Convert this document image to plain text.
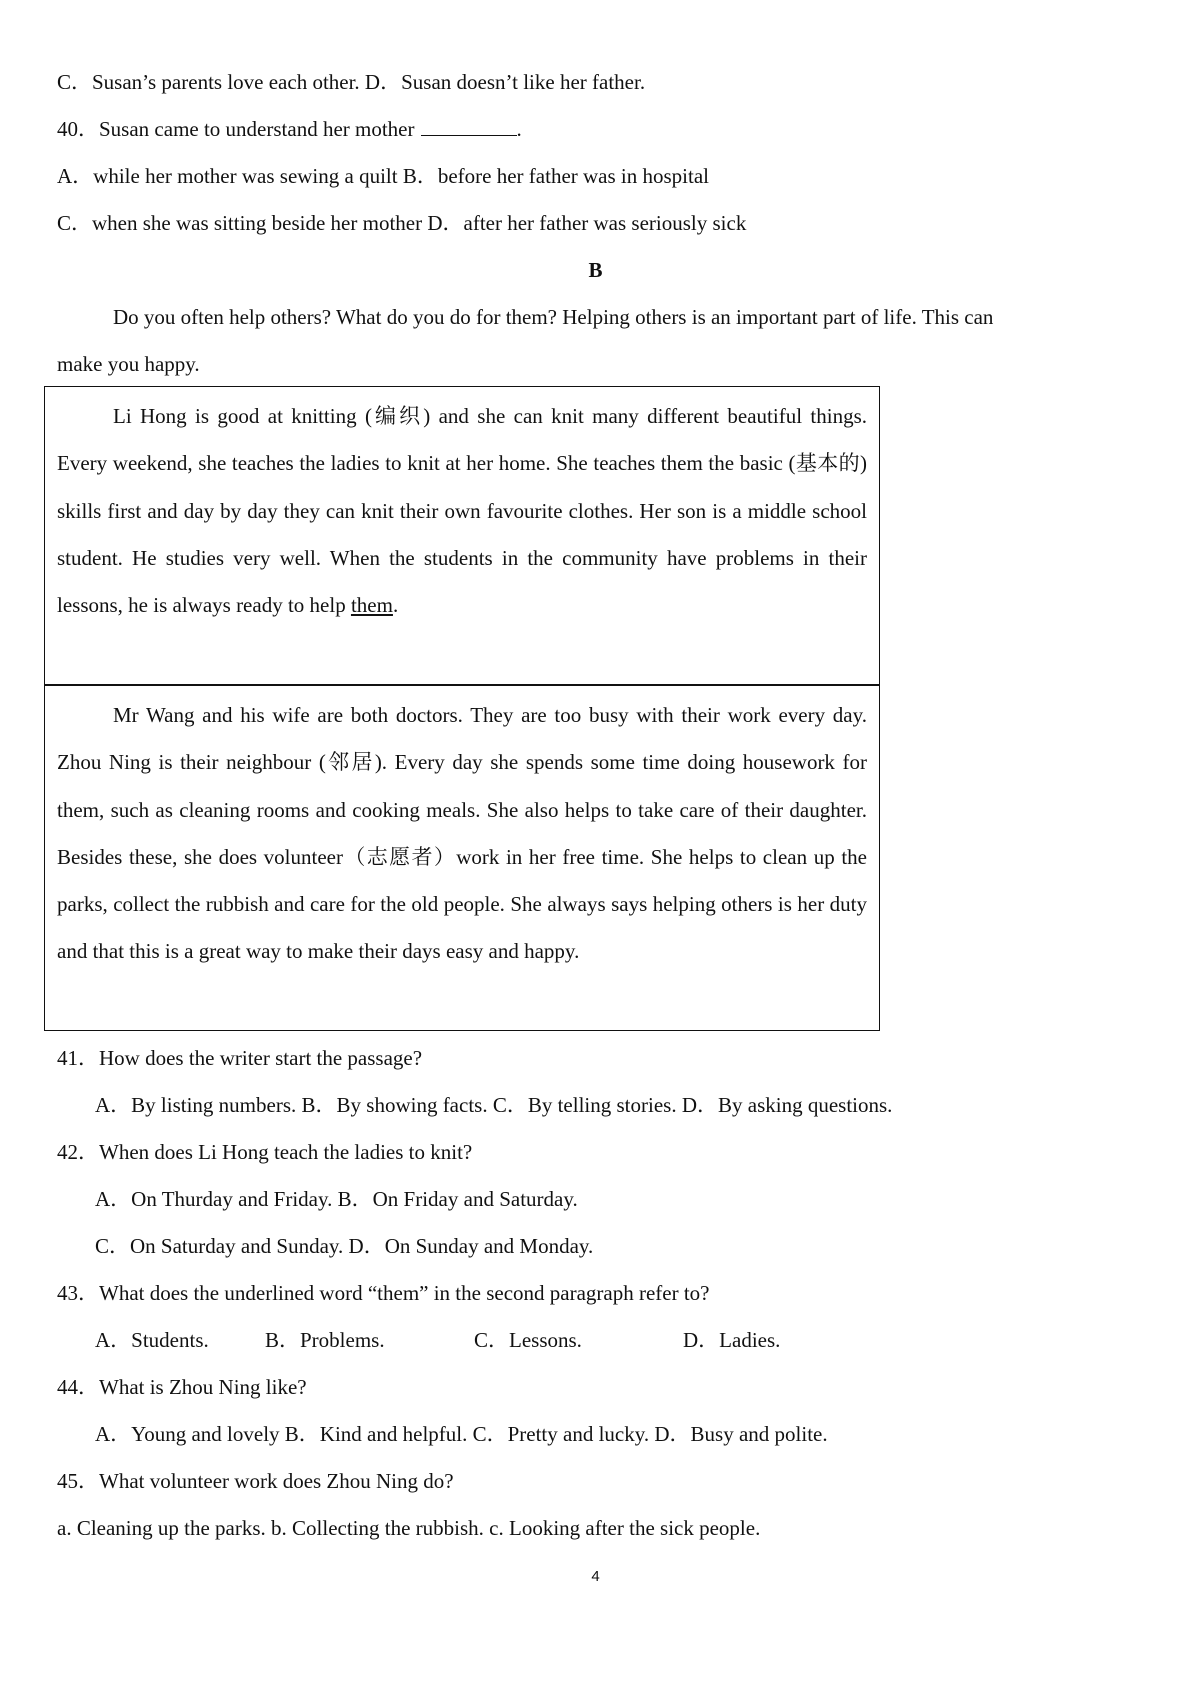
C．Susan’s parents love each other. D．Susan doesn’t like her father.
40．Susan came to understand her mother	.
A．while her mother was sewing a quilt B．before her father was in hospital
C．when she was sitting beside her mother D．after her father was seriously sick
B
Do you often help others? What do you do for them? Helping others is an important part of life. This can
make you happy.

Li Hong is good at knitting (编织) and she can knit many different beautiful things. Every weekend, she teaches the ladies to knit at her home. She teaches them the basic (基本的) skills first and day by day they can knit their own favourite clothes. Her son is a middle school student. He studies very well. When the students in the community have problems in their lessons, he is always ready to help them.

Mr Wang and his wife are both doctors. They are too busy with their work every day. Zhou Ning is their neighbour (邻居). Every day she spends some time doing housework for them, such as cleaning rooms and cooking meals. She also helps to take care of their daughter. Besides these, she does volunteer（志愿者）work in her free time. She helps to clean up the parks, collect the rubbish and care for the old people. She always says helping others is her duty and that this is a great way to make their days easy and happy.

41．How does the writer start the passage?
A．By listing numbers. B．By showing facts. C．By telling stories. D．By asking questions.
42．When does Li Hong teach the ladies to knit?
A．On Thurday and Friday. B．On Friday and Saturday.
C．On Saturday and Sunday. D．On Sunday and Monday.
43．What does the underlined word “them” in the second paragraph refer to?
A．Students.	B．Problems.	C．Lessons.	D．Ladies.
44．What is Zhou Ning like?
A．Young and lovely B．Kind and helpful. C．Pretty and lucky. D．Busy and polite.
45．What volunteer work does Zhou Ning do?
a. Cleaning up the parks. b. Collecting the rubbish. c. Looking after the sick people.
4
